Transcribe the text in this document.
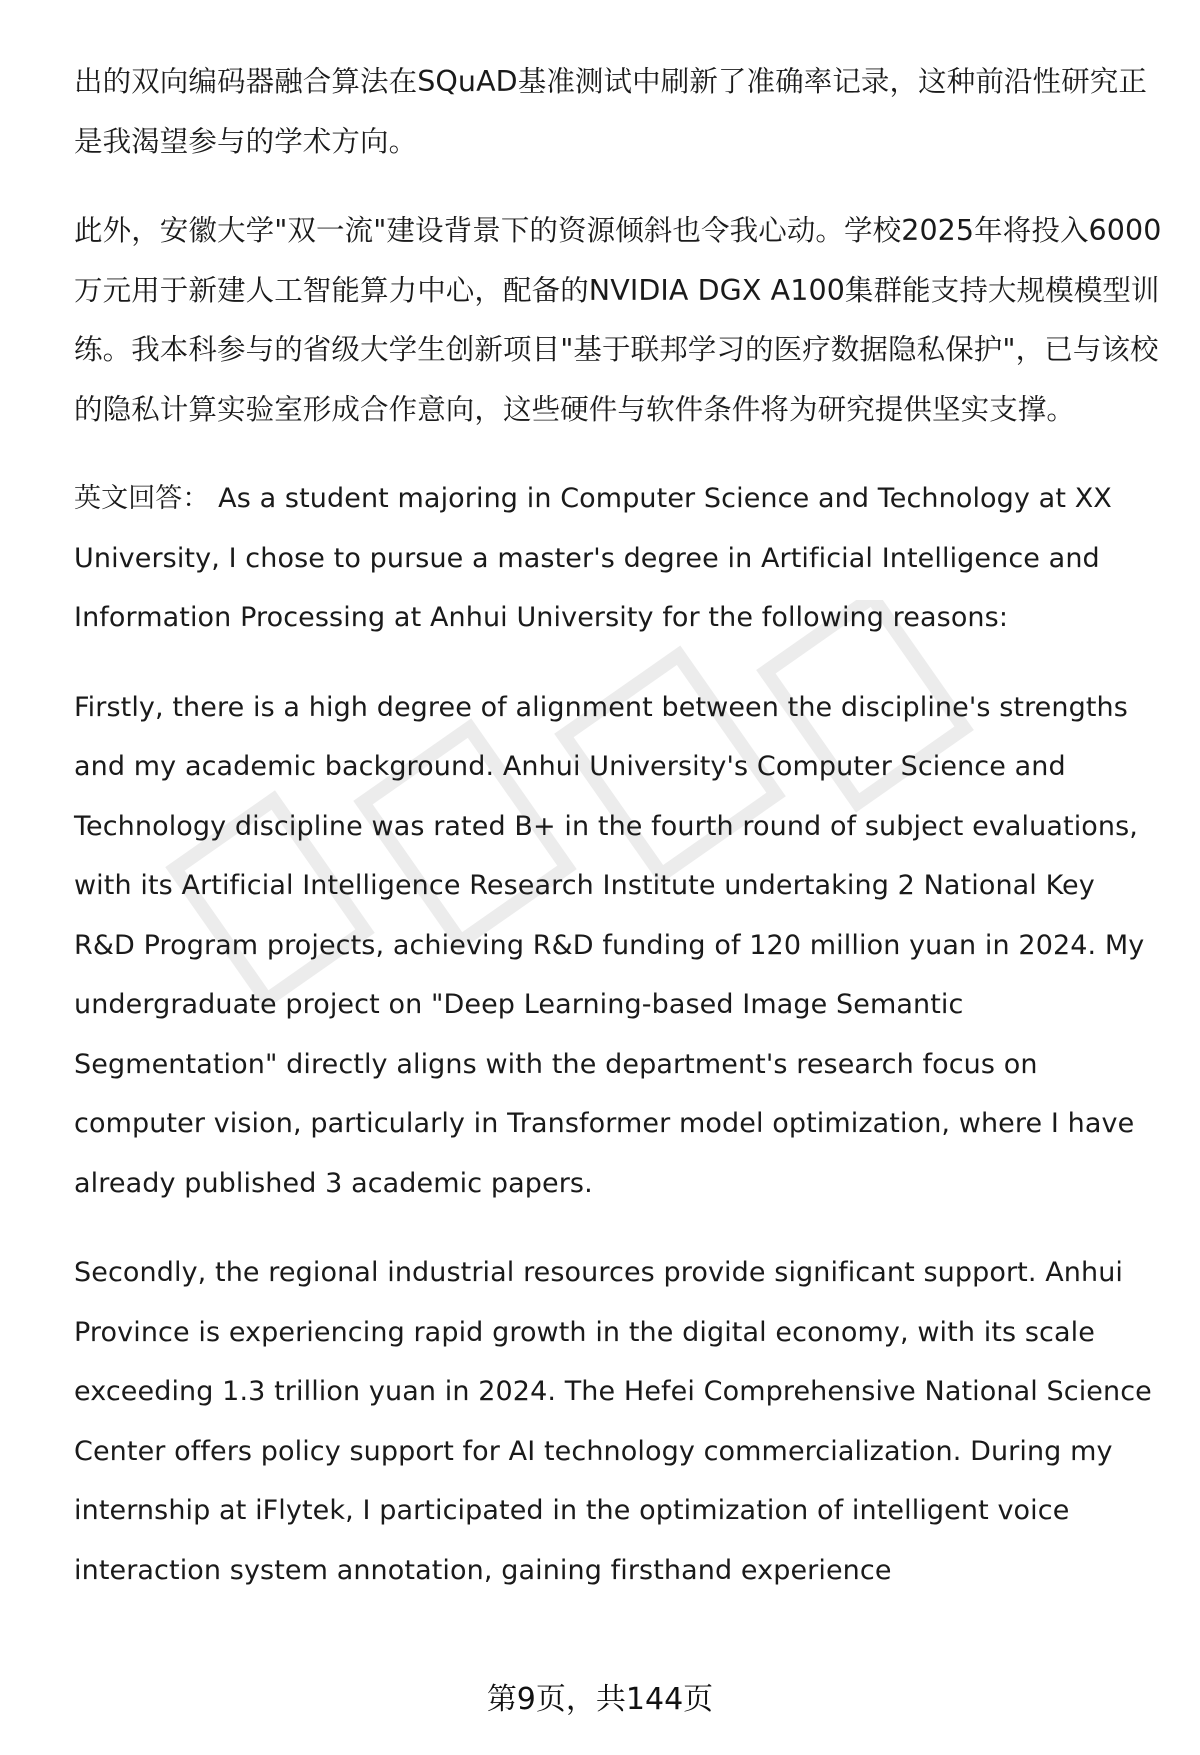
出的双向编码器融合算法在SQuAD基准测试中刷新了准确率记录，这种前沿性研究正是我渴望参与的学术方向。

此外，安徽大学"双一流"建设背景下的资源倾斜也令我心动。学校2025年将投入6000万元用于新建人工智能算力中心，配备的NVIDIA DGX A100集群能支持大规模模型训练。我本科参与的省级大学生创新项目"基于联邦学习的医疗数据隐私保护"，已与该校的隐私计算实验室形成合作意向，这些硬件与软件条件将为研究提供坚实支撑。

英文回答： As a student majoring in Computer Science and Technology at XX University, I chose to pursue a master's degree in Artificial Intelligence and Information Processing at Anhui University for the following reasons:

Firstly, there is a high degree of alignment between the discipline's strengths and my academic background. Anhui University's Computer Science and Technology discipline was rated B+ in the fourth round of subject evaluations, with its Artificial Intelligence Research Institute undertaking 2 National Key R&D Program projects, achieving R&D funding of 120 million yuan in 2024. My undergraduate project on "Deep Learning-based Image Semantic Segmentation" directly aligns with the department's research focus on computer vision, particularly in Transformer model optimization, where I have already published 3 academic papers.

Secondly, the regional industrial resources provide significant support. Anhui Province is experiencing rapid growth in the digital economy, with its scale exceeding 1.3 trillion yuan in 2024. The Hefei Comprehensive National Science Center offers policy support for AI technology commercialization. During my internship at iFlytek, I participated in the optimization of intelligent voice interaction system annotation, gaining firsthand experience

第9页，共144页
